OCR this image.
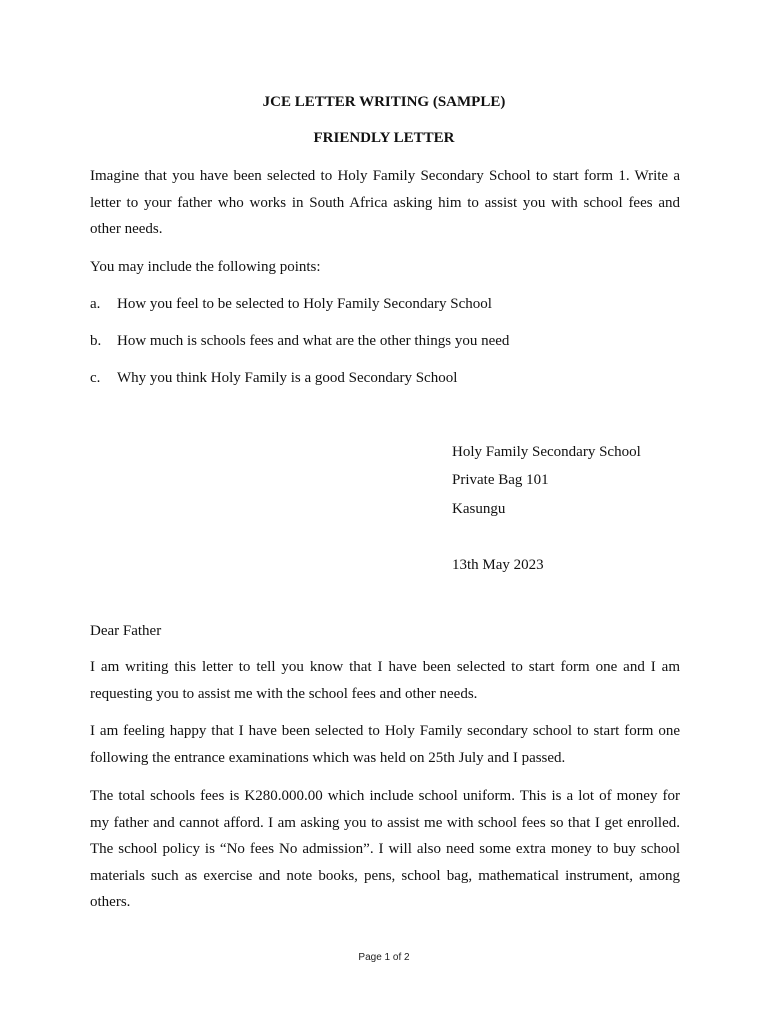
JCE LETTER WRITING (SAMPLE)
FRIENDLY LETTER

Imagine that you have been selected to Holy Family Secondary School to start form 1. Write a letter to your father who works in South Africa asking him to assist you with school fees and other needs.

You may include the following points:
a. How you feel to be selected to Holy Family Secondary School
b. How much is schools fees and what are the other things you need
c. Why you think Holy Family is a good Secondary School
Holy Family Secondary School
Private Bag 101
Kasungu
13th May 2023
Dear Father

I am writing this letter to tell you know that I have been selected to start form one and I am requesting you to assist me with the school fees and other needs.

I am feeling happy that I have been selected to Holy Family secondary school to start form one following the entrance examinations which was held on 25th July and I passed.

The total schools fees is K280.000.00 which include school uniform. This is a lot of money for my father and cannot afford. I am asking you to assist me with school fees so that I get enrolled. The school policy is “No fees No admission”. I will also need some extra money to buy school materials such as exercise and note books, pens, school bag, mathematical instrument, among others.

Page 1 of 2
